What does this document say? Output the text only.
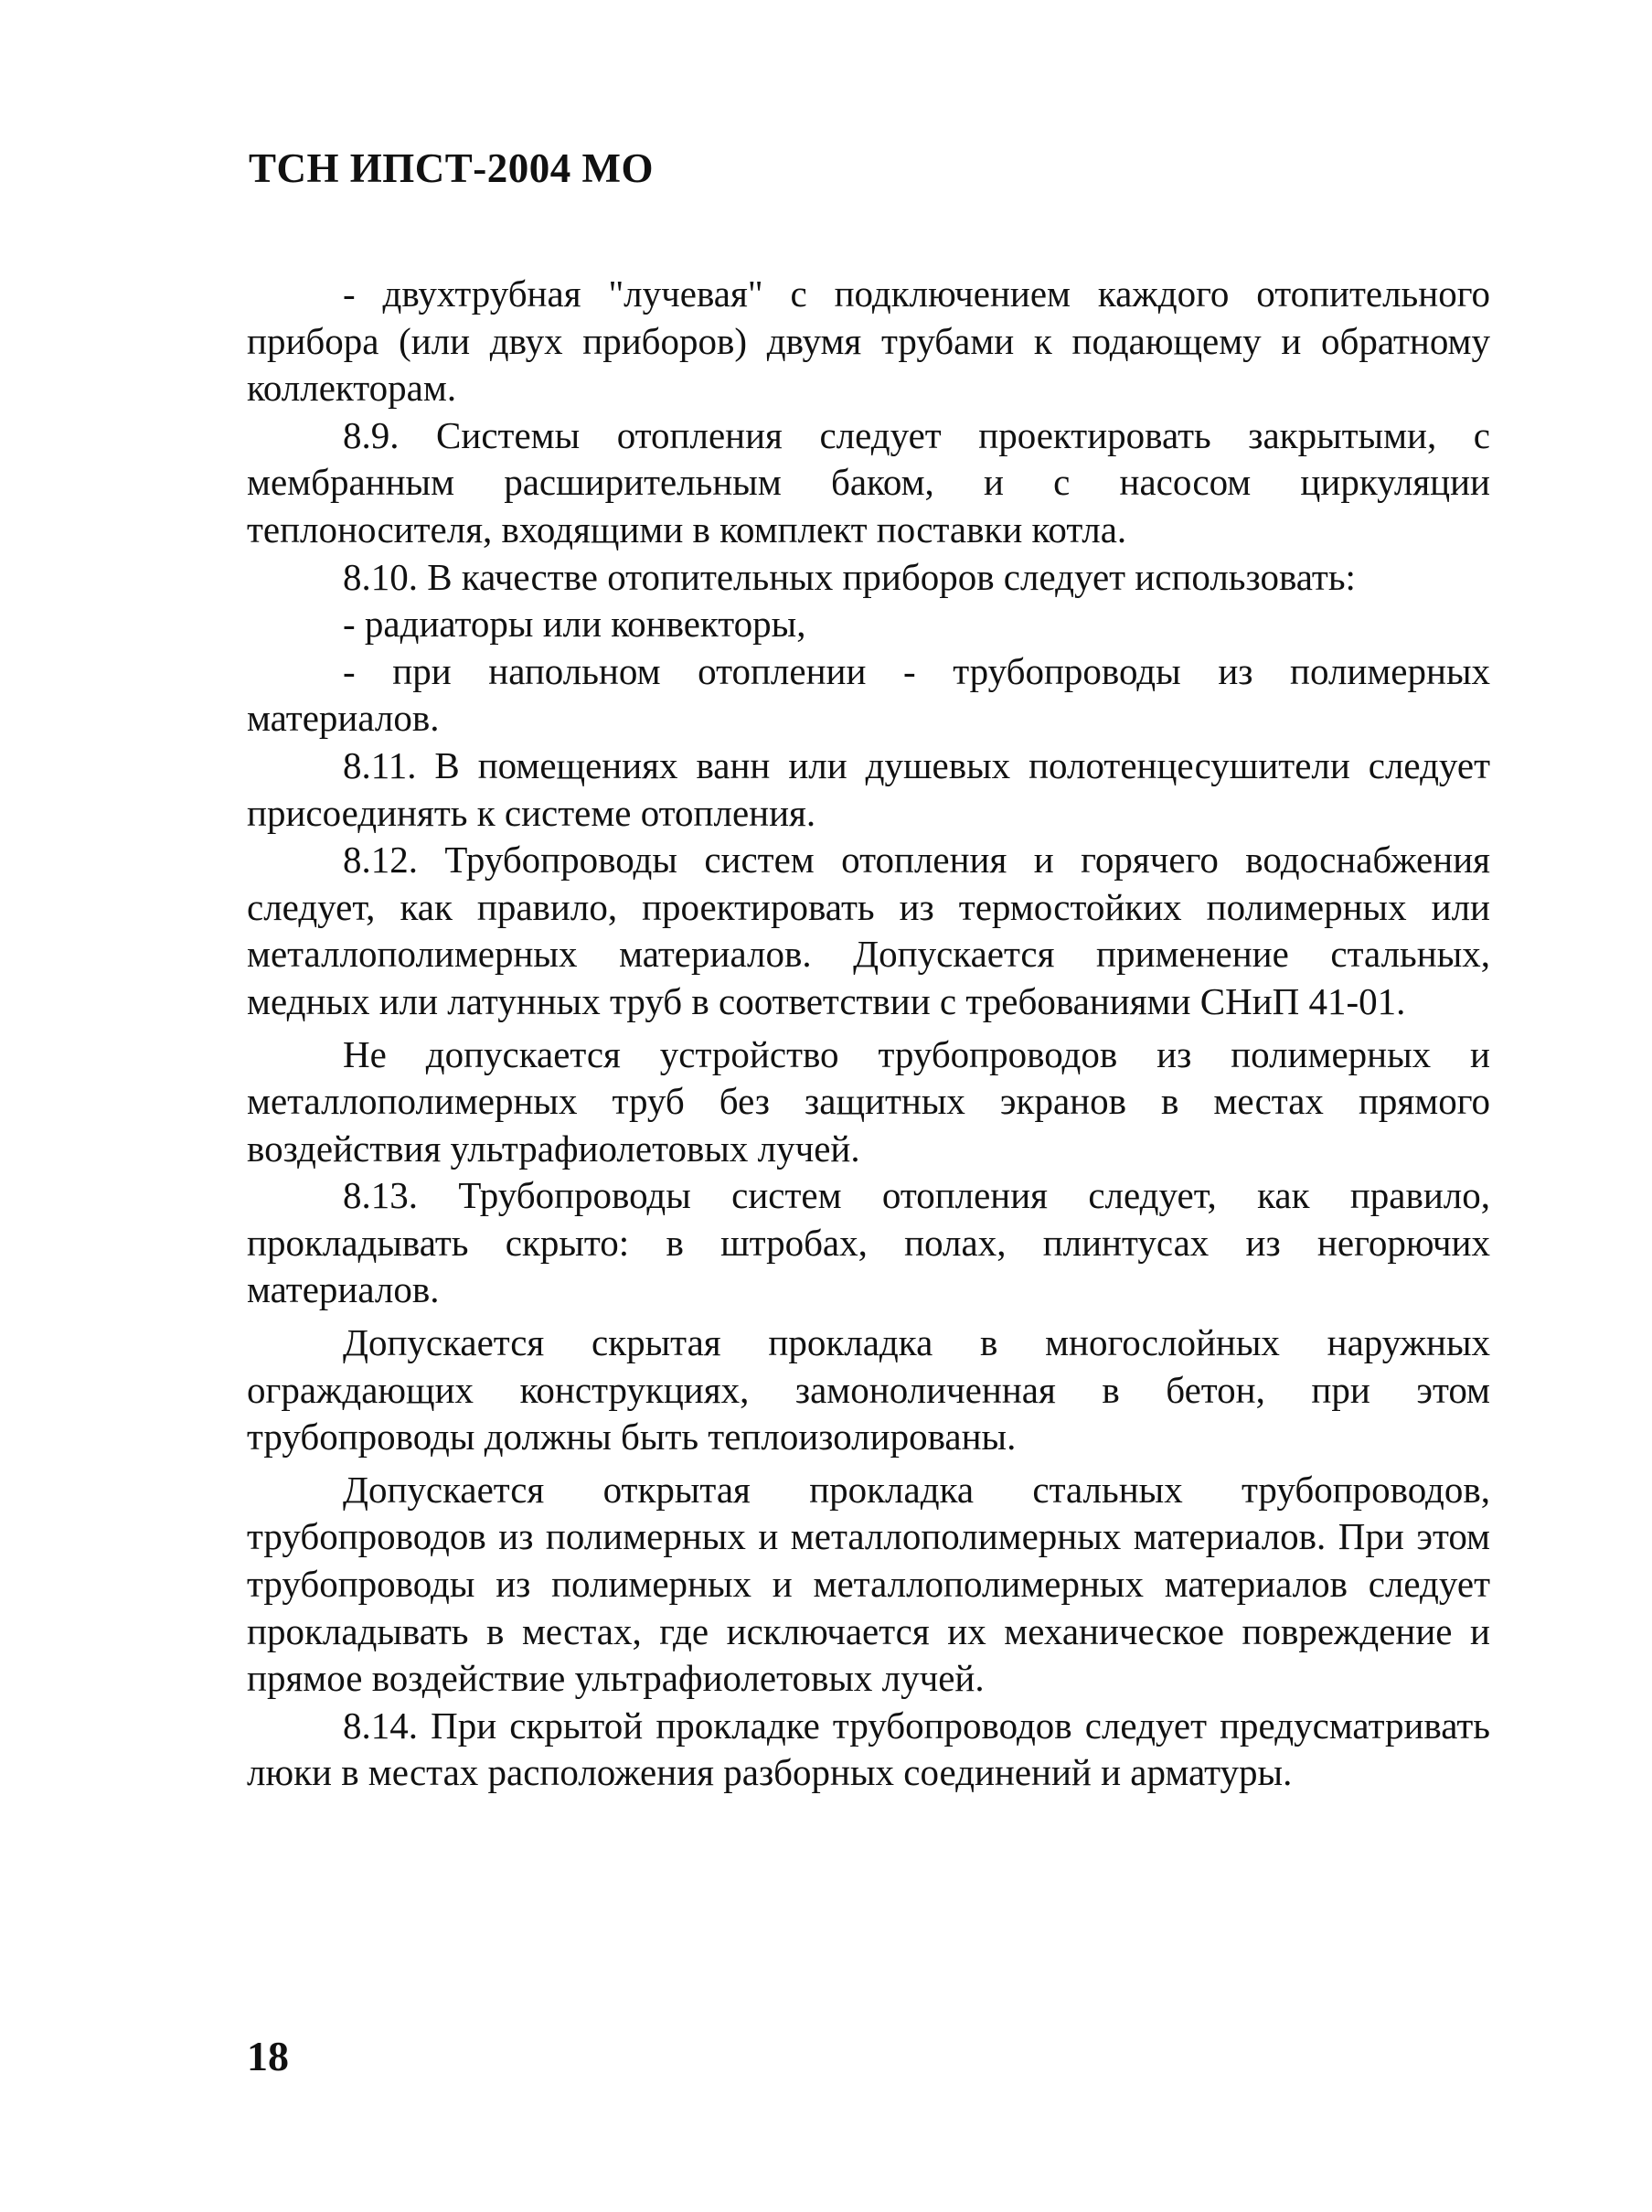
ТСН ИПСТ-2004 МО

- двухтрубная "лучевая" с подключением каждого отопительного прибора (или двух приборов) двумя трубами к подающему и обратному коллекторам.

8.9. Системы отопления следует проектировать закрытыми, с мембранным расширительным баком, и с насосом циркуляции теплоносителя, входящими в комплект поставки котла.

8.10. В качестве отопительных приборов следует использовать:

- радиаторы или конвекторы,

- при напольном отоплении - трубопроводы из полимерных материалов.

8.11. В помещениях ванн или душевых полотенцесушители следует присоединять к системе отопления.

8.12. Трубопроводы систем отопления и горячего водоснабжения следует, как правило, проектировать из термостойких полимерных или металлополимерных материалов. Допускается применение стальных, медных или латунных труб в соответствии с требованиями СНиП 41-01.

Не допускается устройство трубопроводов из полимерных и металлополимерных труб без защитных экранов в местах прямого воздействия ультрафиолетовых лучей.

8.13. Трубопроводы систем отопления следует, как правило, прокладывать скрыто: в штробах, полах, плинтусах из негорючих материалов.

Допускается скрытая прокладка в многослойных наружных ограждающих конструкциях, замоноличенная в бетон, при этом трубопроводы должны быть теплоизолированы.

Допускается открытая прокладка стальных трубопроводов, трубопроводов из полимерных и металлополимерных материалов. При этом трубопроводы из полимерных и металлополимерных материалов следует прокладывать в местах, где исключается их механическое повреждение и прямое воздействие ультрафиолетовых лучей.

8.14. При скрытой прокладке трубопроводов следует предусматривать люки в местах расположения разборных соединений и арматуры.

18
